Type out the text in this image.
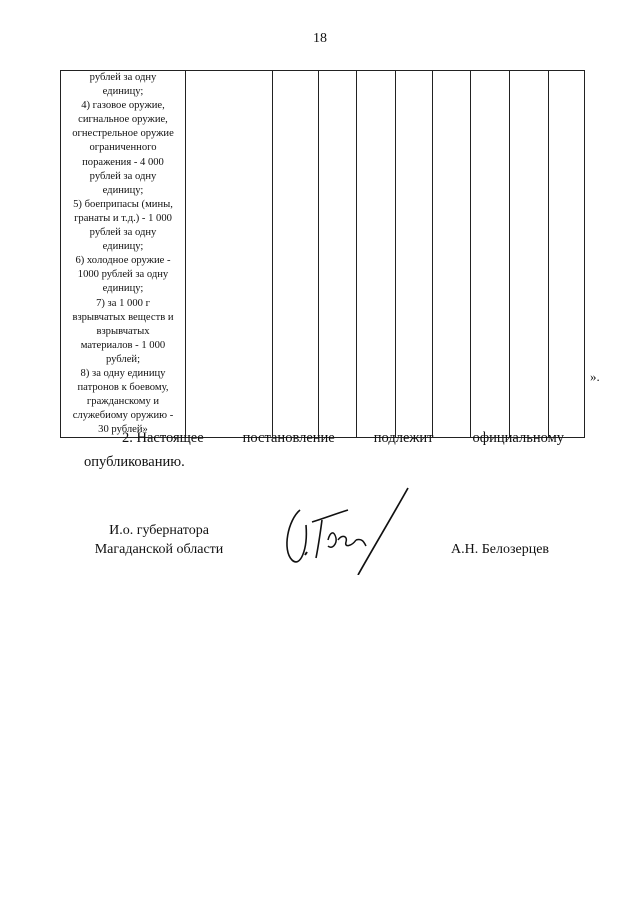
18
рублей за одну
единицу;
4) газовое оружие,
сигнальное оружие,
огнестрельное оружие
ограниченного
поражения - 4 000
рублей за одну
единицу;
5) боеприпасы (мины,
гранаты и т.д.) - 1 000
рублей за одну
единицу;
6) холодное оружие -
1000 рублей за одну
единицу;
7) за 1 000 г
взрывчатых веществ и
взрывчатых
материалов - 1 000
рублей;
8) за одну единицу
патронов к боевому,
гражданскому и
служебиому оружию -
30 рублей»

».
2. Настоящее	постановление	подлежит	официальному
опубликованию.
И.о. губернатора
Магаданской области	А.Н. Белозерцев
